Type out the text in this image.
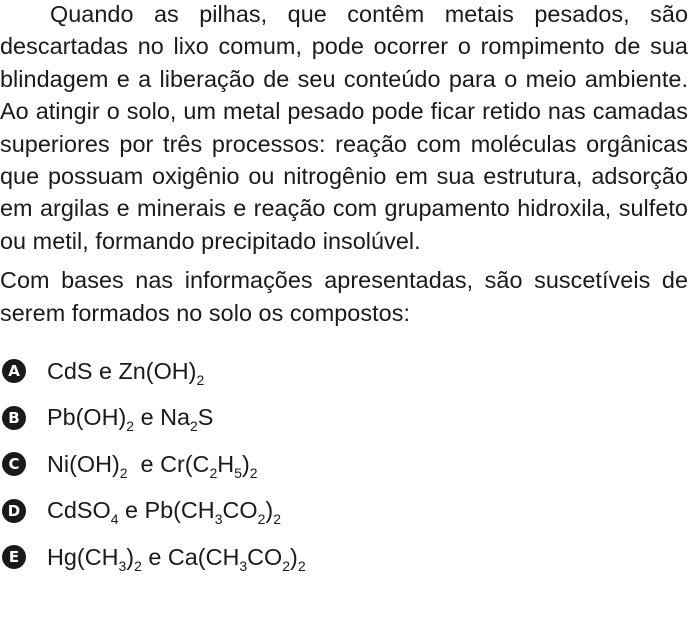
Quando as pilhas, que contêm metais pesados, são descartadas no lixo comum, pode ocorrer o rompimento de sua blindagem e a liberação de seu conteúdo para o meio ambiente. Ao atingir o solo, um metal pesado pode ficar retido nas camadas superiores por três processos: reação com moléculas orgânicas que possuam oxigênio ou nitrogênio em sua estrutura, adsorção em argilas e minerais e reação com grupamento hidroxila, sulfeto ou metil, formando precipitado insolúvel.

Com bases nas informações apresentadas, são suscetíveis de serem formados no solo os compostos:

A CdS e $Zn(OH)_2$
B $Pb(OH)_2$ e $Na_2S$
C $Ni(OH)_2$  e $Cr(C_2H_5)_2$
D CdSO$_4$ e $Pb(CH_3CO_2)_2$
E $Hg(CH_3)_2$ e $Ca(CH_3CO_2)_2$
